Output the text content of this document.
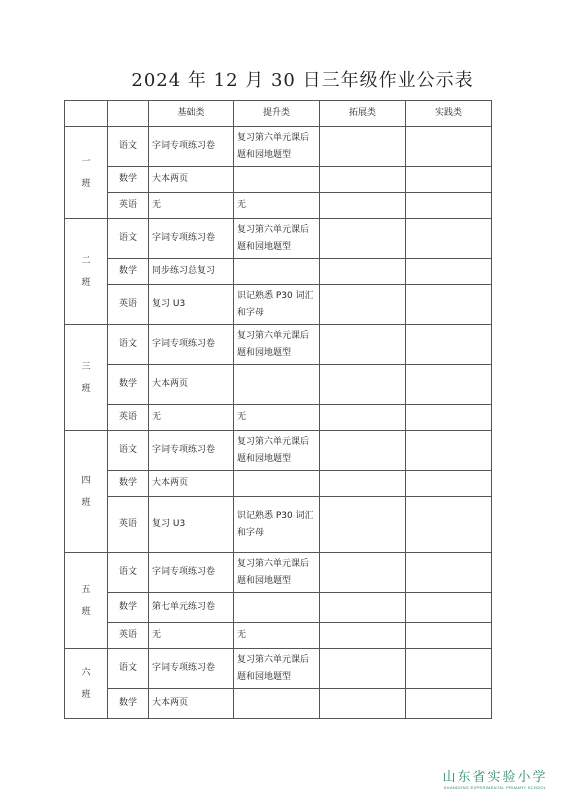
2024 年 12 月 30 日三年级作业公示表
		基础类	提升类	拓展类	实践类
一班	语文	字词专项练习卷	复习第六单元课后题和园地题型		
	数学	大本两页			
	英语	无	无		
二班	语文	字词专项练习卷	复习第六单元课后题和园地题型		
	数学	同步练习总复习			
	英语	复习 U3	识记熟悉 P30 词汇和字母		
三班	语文	字词专项练习卷	复习第六单元课后题和园地题型		
	数学	大本两页			
	英语	无	无		
四班	语文	字词专项练习卷	复习第六单元课后题和园地题型		
	数学	大本两页			
	英语	复习 U3	识记熟悉 P30 词汇和字母		
五班	语文	字词专项练习卷	复习第六单元课后题和园地题型		
	数学	第七单元练习卷			
	英语	无	无		
六班	语文	字词专项练习卷	复习第六单元课后题和园地题型		
	数学	大本两页			
山东省实验小学
SHANDONG EXPERIMENTAL PRIMARY SCHOOL
